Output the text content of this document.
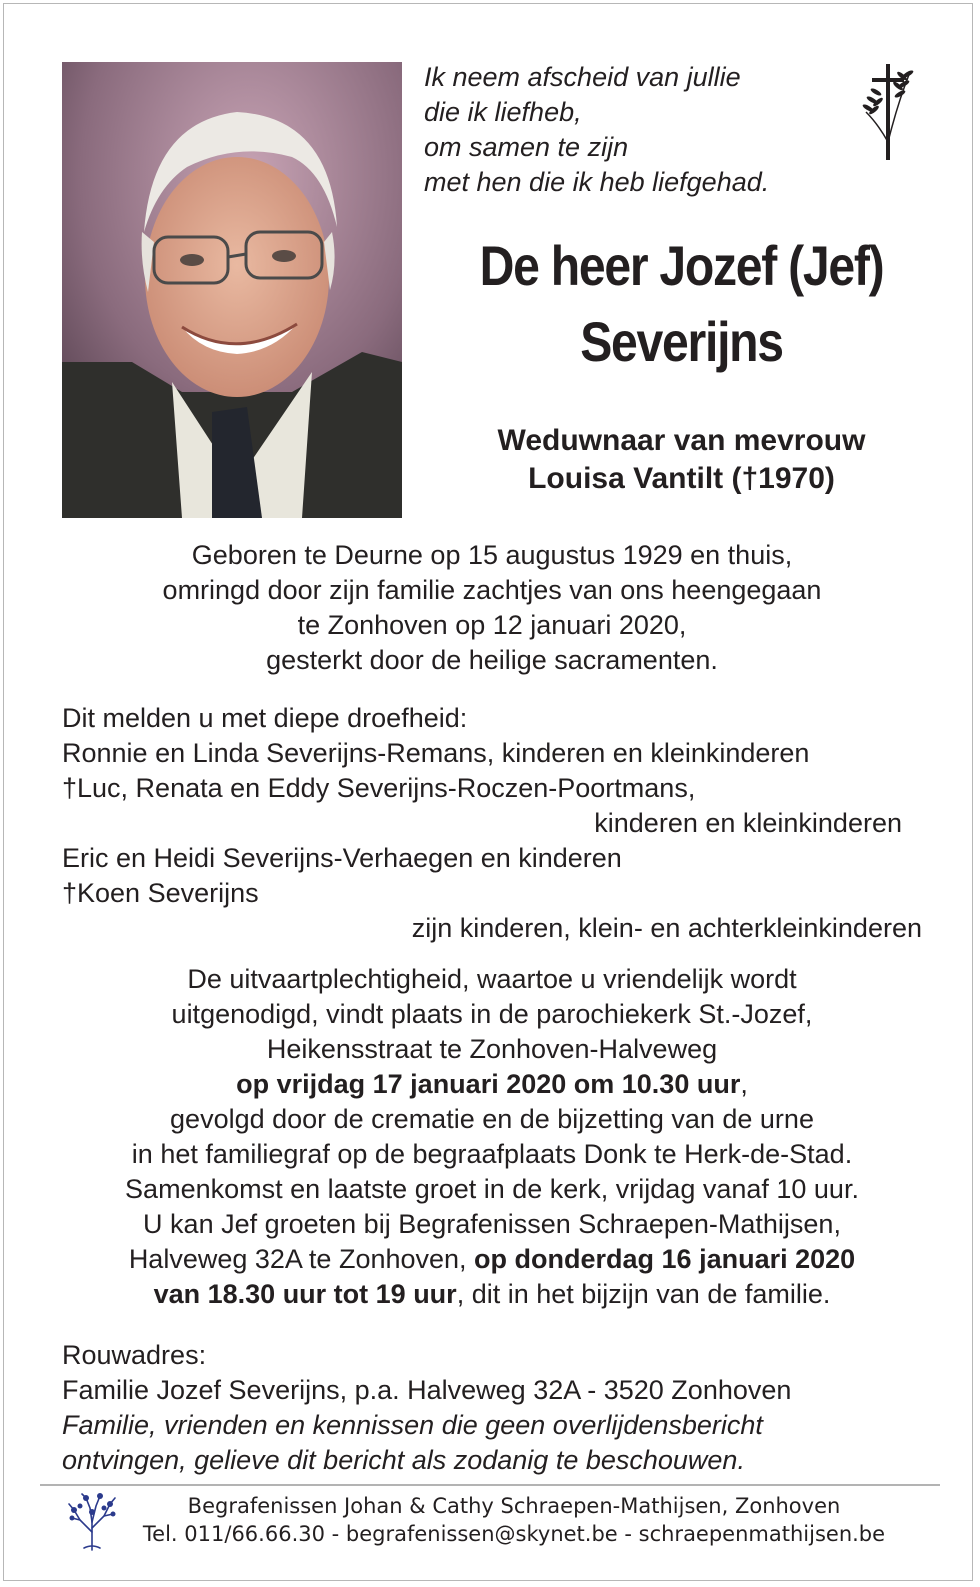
Ik neem afscheid van jullie
die ik liefheb,
om samen te zijn
met hen die ik heb liefgehad.
De heer Jozef (Jef)
Severijns
Weduwnaar van mevrouw
Louisa Vantilt (†1970)
Geboren te Deurne op 15 augustus 1929 en thuis,
omringd door zijn familie zachtjes van ons heengegaan
te Zonhoven op 12 januari 2020,
gesterkt door de heilige sacramenten.
Dit melden u met diepe droefheid:
Ronnie en Linda Severijns-Remans, kinderen en kleinkinderen
†Luc, Renata en Eddy Severijns-Roczen-Poortmans,
kinderen en kleinkinderen
Eric en Heidi Severijns-Verhaegen en kinderen
†Koen Severijns
zijn kinderen, klein- en achterkleinkinderen
De uitvaartplechtigheid, waartoe u vriendelijk wordt
uitgenodigd, vindt plaats in de parochiekerk St.-Jozef,
Heikensstraat te Zonhoven-Halveweg
op vrijdag 17 januari 2020 om 10.30 uur,
gevolgd door de crematie en de bijzetting van de urne
in het familiegraf op de begraafplaats Donk te Herk-de-Stad.
Samenkomst en laatste groet in de kerk, vrijdag vanaf 10 uur.
U kan Jef groeten bij Begrafenissen Schraepen-Mathijsen,
Halveweg 32A te Zonhoven, op donderdag 16 januari 2020
van 18.30 uur tot 19 uur, dit in het bijzijn van de familie.
Rouwadres:
Familie Jozef Severijns, p.a. Halveweg 32A - 3520 Zonhoven
Familie, vrienden en kennissen die geen overlijdensbericht
ontvingen, gelieve dit bericht als zodanig te beschouwen.
Begrafenissen Johan & Cathy Schraepen-Mathijsen, Zonhoven
Tel. 011/66.66.30 - begrafenissen@skynet.be - schraepenmathijsen.be
